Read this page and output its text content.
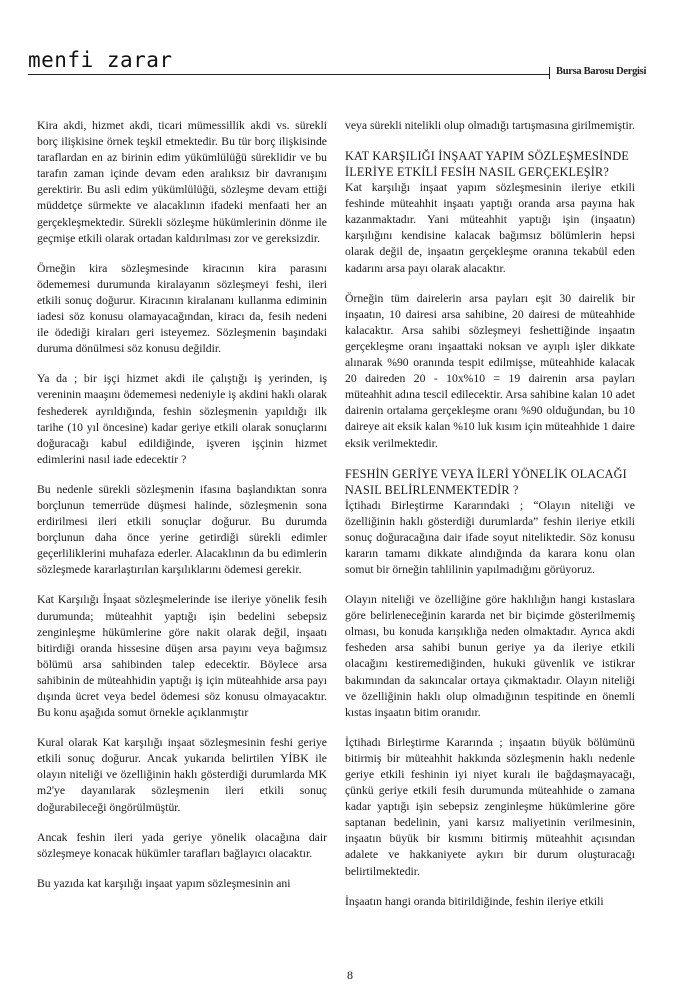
menfi zarar	Bursa Barosu Dergisi

Kira akdi, hizmet akdi, ticari mümessillik akdi vs. sürekli borç ilişkisine örnek teşkil etmektedir. Bu tür borç ilişkisinde taraflardan en az birinin edim yükümlülüğü süreklidir ve bu tarafın zaman içinde devam eden aralıksız bir davranışını gerektirir. Bu asli edim yükümlülüğü, sözleşme devam ettiği müddetçe sürmekte ve alacaklının ifadeki menfaati her an gerçekleşmektedir. Sürekli sözleşme hükümlerinin dönme ile geçmişe etkili olarak ortadan kaldırılması zor ve gereksizdir.

Örneğin kira sözleşmesinde kiracının kira parasını ödememesi durumunda kiralayanın sözleşmeyi feshi, ileri etkili sonuç doğurur. Kiracının kiralananı kullanma ediminin iadesi söz konusu olamayacağından, kiracı da, fesih nedeni ile ödediği kiraları geri isteyemez. Sözleşmenin başındaki duruma dönülmesi söz konusu değildir.

Ya da ; bir işçi hizmet akdi ile çalıştığı iş yerinden, iş vereninin maaşını ödememesi nedeniyle iş akdini haklı olarak feshederek ayrıldığında, feshin sözleşmenin yapıldığı ilk tarihe (10 yıl öncesine) kadar geriye etkili olarak sonuçlarını doğuracağı kabul edildiğinde, işveren işçinin hizmet edimlerini nasıl iade edecektir ?

Bu nedenle sürekli sözleşmenin ifasına başlandıktan sonra borçlunun temerrüde düşmesi halinde, sözleşmenin sona erdirilmesi ileri etkili sonuçlar doğurur. Bu durumda borçlunun daha önce yerine getirdiği sürekli edimler geçerliliklerini muhafaza ederler. Alacaklının da bu edimlerin sözleşmede kararlaştırılan karşılıklarını ödemesi gerekir.

Kat Karşılığı İnşaat sözleşmelerinde ise ileriye yönelik fesih durumunda; müteahhit yaptığı işin bedelini sebepsiz zenginleşme hükümlerine göre nakit olarak değil, inşaatı bitirdiği oranda hissesine düşen arsa payını veya bağımsız bölümü arsa sahibinden talep edecektir. Böylece arsa sahibinin de müteahhidin yaptığı iş için müteahhide arsa payı dışında ücret veya bedel ödemesi söz konusu olmayacaktır. Bu konu aşağıda somut örnekle açıklanmıştır

Kural olarak Kat karşılığı inşaat sözleşmesinin feshi geriye etkili sonuç doğurur. Ancak yukarıda belirtilen YİBK ile olayın niteliği ve özelliğinin haklı gösterdiği durumlarda MK m2'ye dayanılarak sözleşmenin ileri etkili sonuç doğurabileceği öngörülmüştür.

Ancak feshin ileri yada geriye yönelik olacağına dair sözleşmeye konacak hükümler tarafları bağlayıcı olacaktır.

Bu yazıda kat karşılığı inşaat yapım sözleşmesinin ani

veya sürekli nitelikli olup olmadığı tartışmasına girilmemiştir.

KAT KARŞILIĞI İNŞAAT YAPIM SÖZLEŞMESİNDE İLERİYE ETKİLİ FESİH NASIL GERÇEKLEŞİR?

Kat karşılığı inşaat yapım sözleşmesinin ileriye etkili feshinde müteahhit inşaatı yaptığı oranda arsa payına hak kazanmaktadır. Yani müteahhit yaptığı işin (inşaatın) karşılığını kendisine kalacak bağımsız bölümlerin hepsi olarak değil de, inşaatın gerçekleşme oranına tekabül eden kadarını arsa payı olarak alacaktır.

Örneğin tüm dairelerin arsa payları eşit 30 dairelik bir inşaatın, 10 dairesi arsa sahibine, 20 dairesi de müteahhide kalacaktır. Arsa sahibi sözleşmeyi feshettiğinde inşaatın gerçekleşme oranı inşaattaki noksan ve ayıplı işler dikkate alınarak %90 oranında tespit edilmişse, müteahhide kalacak 20 daireden 20 - 10x%10 = 19 dairenin arsa payları müteahhit adına tescil edilecektir. Arsa sahibine kalan 10 adet dairenin ortalama gerçekleşme oranı %90 olduğundan, bu 10 daireye ait eksik kalan %10 luk kısım için müteahhide 1 daire eksik verilmektedir.

FESHİN GERİYE VEYA İLERİ YÖNELİK OLACAĞI NASIL BELİRLENMEKTEDİR ?

İçtihadı Birleştirme Kararındaki ; “Olayın niteliği ve özelliğinin haklı gösterdiği durumlarda” feshin ileriye etkili sonuç doğuracağına dair ifade soyut niteliktedir. Söz konusu kararın tamamı dikkate alındığında da karara konu olan somut bir örneğin tahlilinin yapılmadığını görüyoruz.

Olayın niteliği ve özelliğine göre haklılığın hangi kıstaslara göre belirleneceğinin kararda net bir biçimde gösterilmemiş olması, bu konuda karışıklığa neden olmaktadır. Ayrıca akdi fesheden arsa sahibi bunun geriye ya da ileriye etkili olacağını kestiremediğinden, hukuki güvenlik ve istikrar bakımından da sakıncalar ortaya çıkmaktadır. Olayın niteliği ve özelliğinin haklı olup olmadığının tespitinde en önemli kıstas inşaatın bitim oranıdır.

İçtihadı Birleştirme Kararında ; inşaatın büyük bölümünü bitirmiş bir müteahhit hakkında sözleşmenin haklı nedenle geriye etkili feshinin iyi niyet kuralı ile bağdaşmayacağı, çünkü geriye etkili fesih durumunda müteahhide o zamana kadar yaptığı işin sebepsiz zenginleşme hükümlerine göre saptanan bedelinin, yani karsız maliyetinin verilmesinin, inşaatın büyük bir kısmını bitirmiş müteahhit açısından adalete ve hakkaniyete aykırı bir durum oluşturacağı belirtilmektedir.

İnşaatın hangi oranda bitirildiğinde, feshin ileriye etkili

8
